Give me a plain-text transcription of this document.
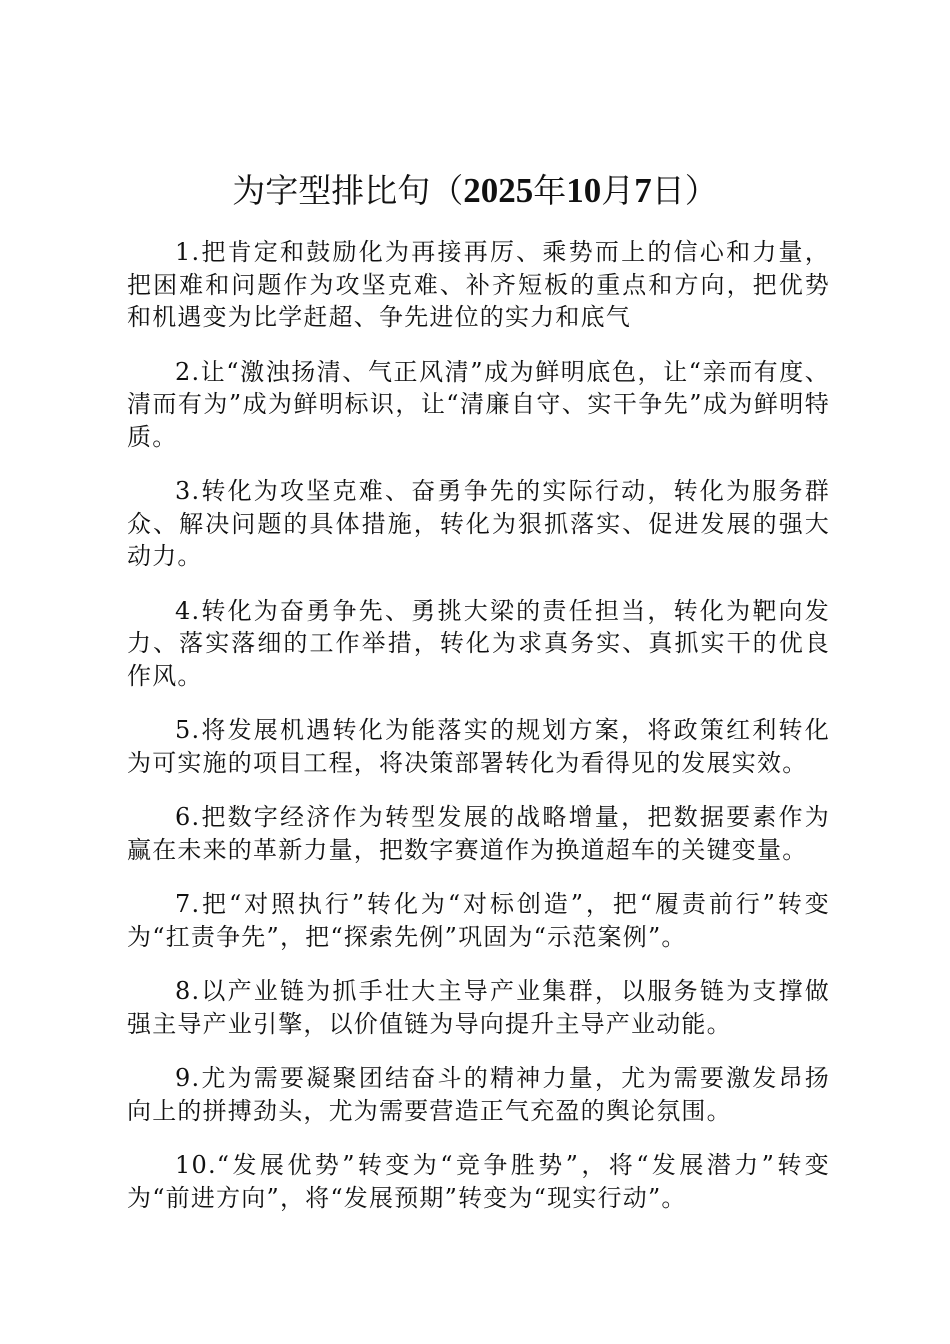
为字型排比句（2025年10月7日）

1.把肯定和鼓励化为再接再厉、乘势而上的信心和力量，把困难和问题作为攻坚克难、补齐短板的重点和方向，把优势和机遇变为比学赶超、争先进位的实力和底气

2.让“激浊扬清、气正风清”成为鲜明底色，让“亲而有度、清而有为”成为鲜明标识，让“清廉自守、实干争先”成为鲜明特质。

3.转化为攻坚克难、奋勇争先的实际行动，转化为服务群众、解决问题的具体措施，转化为狠抓落实、促进发展的强大动力。

4.转化为奋勇争先、勇挑大梁的责任担当，转化为靶向发力、落实落细的工作举措，转化为求真务实、真抓实干的优良作风。

5.将发展机遇转化为能落实的规划方案，将政策红利转化为可实施的项目工程，将决策部署转化为看得见的发展实效。

6.把数字经济作为转型发展的战略增量，把数据要素作为赢在未来的革新力量，把数字赛道作为换道超车的关键变量。

7.把“对照执行”转化为“对标创造”，把“履责前行”转变为“扛责争先”，把“探索先例”巩固为“示范案例”。

8.以产业链为抓手壮大主导产业集群，以服务链为支撑做强主导产业引擎，以价值链为导向提升主导产业动能。

9.尤为需要凝聚团结奋斗的精神力量，尤为需要激发昂扬向上的拼搏劲头，尤为需要营造正气充盈的舆论氛围。

10.“发展优势”转变为“竞争胜势”，将“发展潜力”转变为“前进方向”，将“发展预期”转变为“现实行动”。
